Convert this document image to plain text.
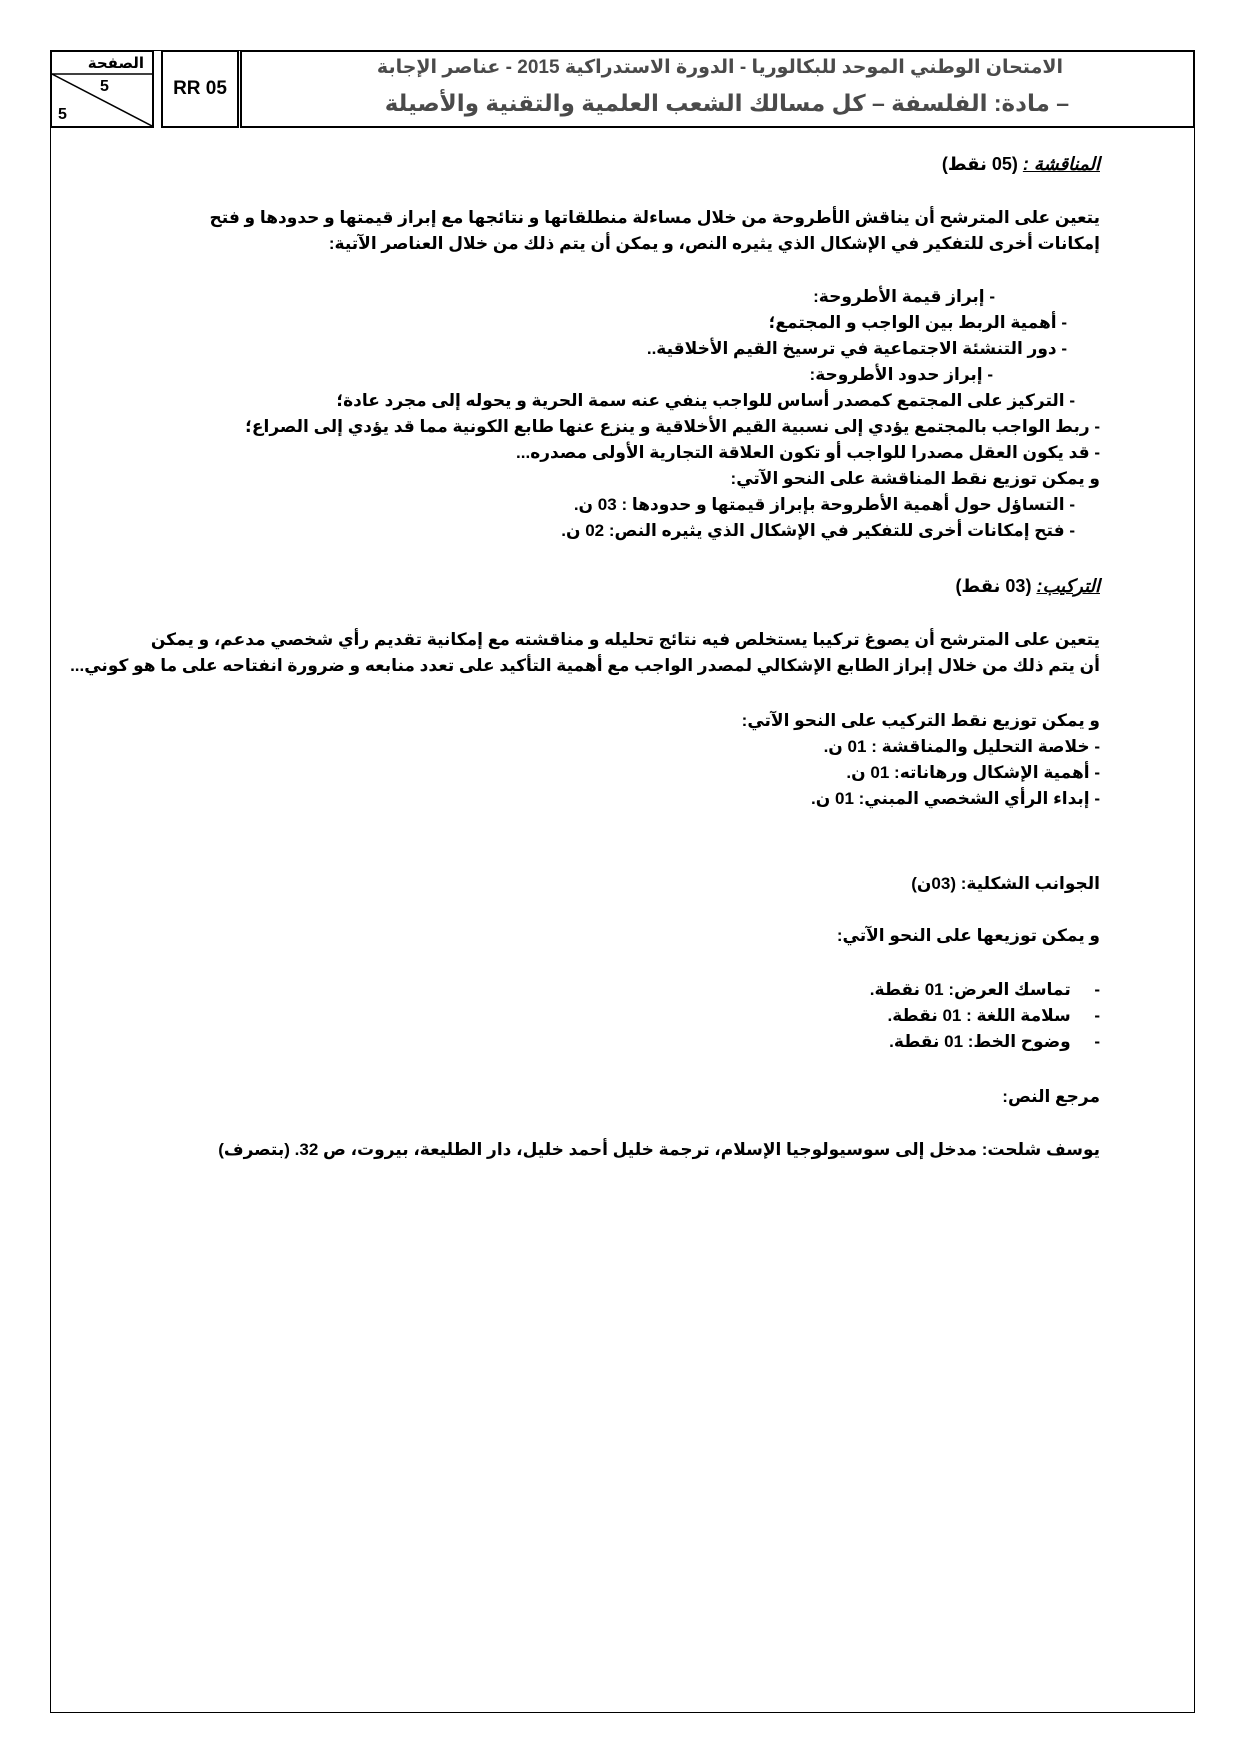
الصفحة
5
5
RR 05
الامتحان الوطني الموحد للبكالوريا - الدورة الاستدراكية 2015 - عناصر الإجابة
– مادة: الفلسفة – كل مسالك الشعب العلمية والتقنية والأصيلة
المناقشة : (05 نقط)
يتعين على المترشح أن يناقش الأطروحة من خلال مساءلة منطلقاتها و نتائجها مع إبراز قيمتها و حدودها و فتح
إمكانات أخرى للتفكير في الإشكال الذي يثيره النص، و يمكن أن يتم ذلك من خلال العناصر الآتية:
- إبراز قيمة الأطروحة:
- أهمية الربط بين الواجب و المجتمع؛
- دور التنشئة الاجتماعية في ترسيخ القيم الأخلاقية..
- إبراز حدود الأطروحة:
- التركيز على المجتمع كمصدر أساس للواجب ينفي عنه سمة الحرية و يحوله إلى مجرد عادة؛
- ربط الواجب بالمجتمع يؤدي إلى نسبية القيم الأخلاقية و ينزع عنها طابع الكونية مما قد يؤدي إلى الصراع؛
- قد يكون العقل مصدرا للواجب أو تكون العلاقة التجارية الأولى مصدره...
و يمكن توزيع نقط المناقشة على النحو الآتي:
- التساؤل حول أهمية الأطروحة بإبراز قيمتها و حدودها : 03 ن.
- فتح إمكانات أخرى للتفكير في الإشكال الذي يثيره النص: 02 ن.
التركيب: (03 نقط)
يتعين على المترشح أن يصوغ تركيبا يستخلص فيه نتائج تحليله و مناقشته مع إمكانية تقديم رأي شخصي مدعم، و يمكن
أن يتم ذلك من خلال إبراز الطابع الإشكالي لمصدر الواجب مع أهمية التأكيد على تعدد منابعه و ضرورة انفتاحه على ما هو كوني...
و يمكن توزيع نقط التركيب على النحو الآتي:
- خلاصة التحليل والمناقشة : 01 ن.
- أهمية الإشكال ورهاناته: 01 ن.
- إبداء الرأي الشخصي المبني: 01 ن.
الجوانب الشكلية: (03ن)
و يمكن توزيعها على النحو الآتي:
-     تماسك العرض: 01 نقطة.
-     سلامة اللغة : 01 نقطة.
-     وضوح الخط: 01 نقطة.
مرجع النص:
يوسف شلحت: مدخل إلى سوسيولوجيا الإسلام، ترجمة خليل أحمد خليل، دار الطليعة، بيروت، ص 32. (بتصرف)
